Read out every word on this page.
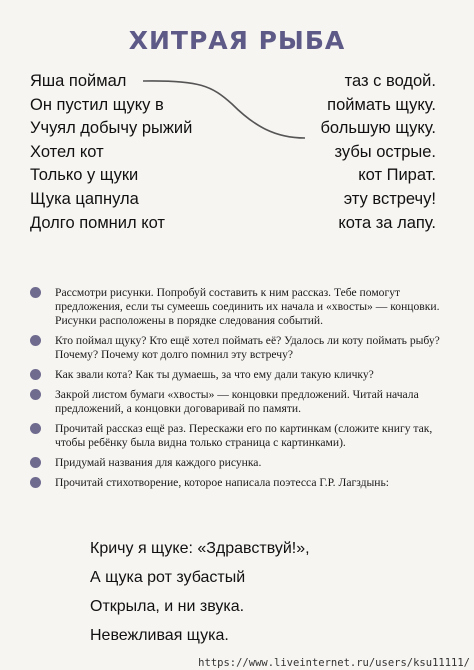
ХИТРАЯ РЫБА
Яша поймал
Он пустил щуку в
Учуял добычу рыжий
Хотел кот
Только у щуки
Щука цапнула
Долго помнил кот
таз с водой.
поймать щуку.
большую щуку.
зубы острые.
кот Пират.
эту встречу!
кота за лапу.
Рассмотри рисунки. Попробуй составить к ним рассказ. Тебе помогут предложения, если ты сумеешь соединить их начала и «хвосты» — концовки. Рисунки расположены в порядке следования событий.
Кто поймал щуку? Кто ещё хотел поймать её? Удалось ли коту поймать рыбу? Почему? Почему кот долго помнил эту встречу?
Как звали кота? Как ты думаешь, за что ему дали такую кличку?
Закрой листом бумаги «хвосты» — концовки предложений. Читай начала предложений, а концовки договаривай по памяти.
Прочитай рассказ ещё раз. Перескажи его по картинкам (сложите книгу так, чтобы ребёнку была видна только страница с картинками).
Придумай названия для каждого рисунка.
Прочитай стихотворение, которое написала поэтесса Г.Р. Лагздынь:
Кричу я щуке: «Здравствуй!»,
А щука рот зубастый
Открыла, и ни звука.
Невежливая щука.
https://www.liveinternet.ru/users/ksu11111/
